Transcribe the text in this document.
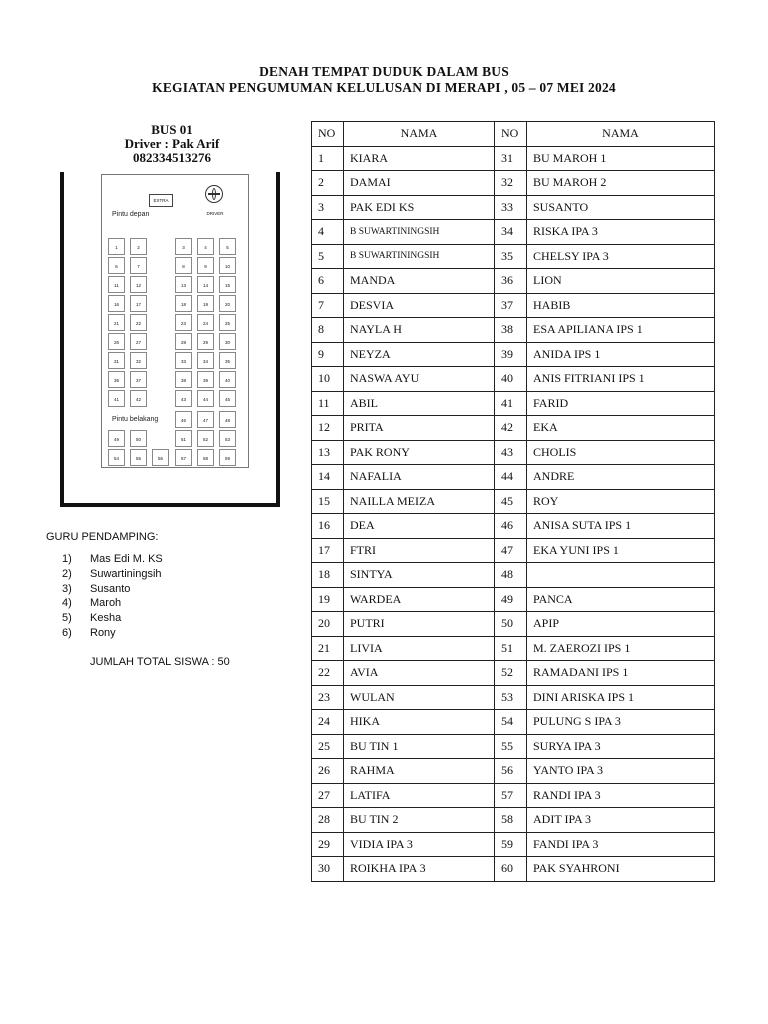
DENAH TEMPAT DUDUK DALAM BUS
KEGIATAN PENGUMUMAN KELULUSAN DI MERAPI , 05 – 07 MEI 2024
BUS 01
Driver : Pak Arif
082334513276
Pintu depan
Pintu belakang
EXTRA
DRIVER
1	2	3	4	5
6	7	8	9	10
11	12	13	14	15
16	17	18	19	20
21	22	23	24	25
26	27	28	29	30
31	32	33	34	35
36	37	38	39	40
41	42	43	44	45
46	47	48
49	50	51	52	53
54	55	56	57	58	59
GURU PENDAMPING:
1) Mas Edi M. KS
2) Suwartiningsih
3) Susanto
4) Maroh
5) Kesha
6) Rony
JUMLAH TOTAL SISWA : 50
NO	NAMA	NO	NAMA
1	KIARA	31	BU MAROH 1
2	DAMAI	32	BU MAROH 2
3	PAK EDI KS	33	SUSANTO
4	B SUWARTININGSIH	34	RISKA IPA 3
5	B SUWARTININGSIH	35	CHELSY IPA 3
6	MANDA	36	LION
7	DESVIA	37	HABIB
8	NAYLA H	38	ESA APILIANA IPS 1
9	NEYZA	39	ANIDA IPS 1
10	NASWA AYU	40	ANIS FITRIANI IPS 1
11	ABIL	41	FARID
12	PRITA	42	EKA
13	PAK RONY	43	CHOLIS
14	NAFALIA	44	ANDRE
15	NAILLA MEIZA	45	ROY
16	DEA	46	ANISA SUTA IPS 1
17	FTRI	47	EKA YUNI IPS 1
18	SINTYA	48	
19	WARDEA	49	PANCA
20	PUTRI	50	APIP
21	LIVIA	51	M. ZAEROZI IPS 1
22	AVIA	52	RAMADANI IPS 1
23	WULAN	53	DINI ARISKA IPS 1
24	HIKA	54	PULUNG S IPA 3
25	BU TIN 1	55	SURYA IPA 3
26	RAHMA	56	YANTO IPA 3
27	LATIFA	57	RANDI IPA 3
28	BU TIN 2	58	ADIT IPA 3
29	VIDIA IPA 3	59	FANDI IPA 3
30	ROIKHA IPA 3	60	PAK SYAHRONI
